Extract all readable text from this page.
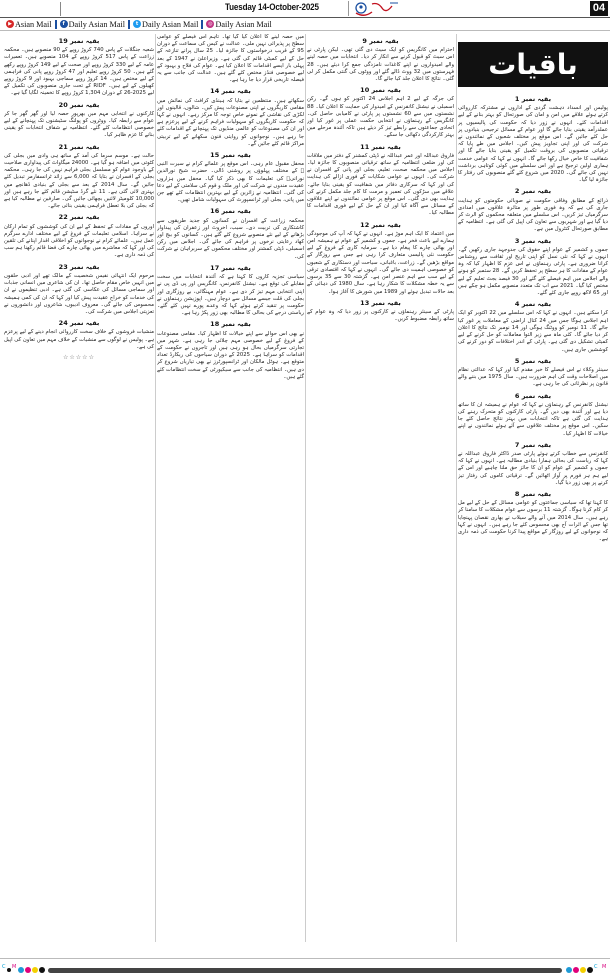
Tuesday 14-October-2025	04
▶ Asian Mail	f Daily Asian Mail	t Daily Asian Mail	◎ Daily Asian Mail
باقیات
بقیہ نمبر 1
پولیس اور انسداد دہشت گردی کے اداروں نے مشترکہ کارروائی کرتے ہوئے علاقے میں امن و امان کی صورتحال کو بہتر بنانے کے لیے اقدامات کئے۔ انہوں نے زور دیا کہ حکومت کی پالیسیوں پر عملدرآمد یقینی بنایا جائے گا اور عوام کے مسائل ترجیحی بنیادوں پر حل کئے جائیں گے۔ اس موقع پر مختلف شعبوں کے نمائندوں نے شرکت کی اور اپنی تجاویز پیش کیں۔ اجلاس میں طے پایا کہ ترقیاتی منصوبوں کی بروقت تکمیل کو یقینی بنایا جائے گا اور شفافیت کا خاص خیال رکھا جائے گا۔ انہوں نے کہا کہ عوامی خدمت ہماری اولین ترجیح ہے اور اس سلسلے میں کوئی کوتاہی برداشت نہیں کی جائے گی۔ 2020 میں شروع کئے گئے منصوبوں کی رفتار کا جائزہ لیا گیا۔
بقیہ نمبر 2
ذرائع کے مطابق وفاقی حکومت نے صوبائی حکومتوں کو ہدایت جاری کی ہے کہ وہ فوری طور پر متاثرہ علاقوں میں امدادی سرگرمیاں تیز کریں۔ اس سلسلے میں متعلقہ محکموں کو الرٹ کر دیا گیا ہے اور شہریوں سے تعاون کی اپیل کی گئی ہے۔ انتظامیہ کے مطابق صورتحال کنٹرول میں ہے۔
بقیہ نمبر 3
جموں و کشمیر کے عوام اپنے حقوق کی جدوجہد جاری رکھیں گے۔ انہوں نے کہا کہ نئی نسل کو اپنی تاریخ اور ثقافت سے روشناس کرانا ضروری ہے۔ پارٹی رہنماؤں نے اس عزم کا اظہار کیا کہ وہ عوام کے مفادات کا ہر سطح پر تحفظ کریں گے۔ 28 ستمبر کو ہونے والے اجلاس میں اہم فیصلے کئے گئے اور 30 فیصد بجٹ تعلیم کے لیے مختص کیا گیا۔ 2021 سے اب تک متعدد منصوبے مکمل ہو چکے ہیں اور 65 لاکھ روپے جاری کئے گئے۔
بقیہ نمبر 4
کرا سکتے ہیں۔ انہوں نے کہا کہ اس سلسلے میں 22 اکتوبر کو ایک اہم اجلاس ہوگا جس میں 24 کنال اراضی کے معاملات پر غور کیا جائے گا۔ 11 نومبر کو ووٹنگ ہوگی اور 14 نومبر تک نتائج کا اعلان کر دیا جائے گا۔ کئی ماہ سے زیر التوا معاملات کو حل کرنے کے لیے کمیٹی تشکیل دی گئی ہے۔ پارٹی کے اندر اختلافات کو دور کرنے کی کوششیں جاری ہیں۔
بقیہ نمبر 5
سینئر وکلاء نے اس فیصلے کا خیر مقدم کیا اور کہا کہ عدالتی نظام میں اصلاحات وقت کی اہم ضرورت ہیں۔ سال 1975 میں بننے والے قانون پر نظرثانی کی جا رہی ہے۔
بقیہ نمبر 6
نیشنل کانفرنس کے رہنماؤں نے کہا کہ عوام نے ہمیشہ ان کا ساتھ دیا ہے اور آئندہ بھی دیں گے۔ پارٹی کارکنوں کو متحرک رہنے کی ہدایت کی گئی ہے تاکہ انتخابات میں بہتر نتائج حاصل کئے جا سکیں۔ اس موقع پر مختلف علاقوں سے آئے ہوئے نمائندوں نے اپنے خیالات کا اظہار کیا۔
بقیہ نمبر 7
کانفرنس سے خطاب کرتے ہوئے پارٹی صدر ڈاکٹر فاروق عبداللہ نے کہا کہ ریاست کی بحالی ہمارا بنیادی مطالبہ ہے۔ انہوں نے کہا کہ جموں و کشمیر کے عوام کو ان کا جائز حق ملنا چاہیے اور اس کے لیے ہم ہر فورم پر آواز اٹھائیں گے۔ ترقیاتی کاموں کی رفتار تیز کرنے پر بھی زور دیا گیا۔
بقیہ نمبر 8
کا کہنا تھا کہ سیاسی جماعتوں کو عوامی مسائل کے حل کے لیے مل کر کام کرنا ہوگا۔ گزشتہ 11 برسوں سے عوام مشکلات کا سامنا کر رہے ہیں۔ سال 2014 میں آنے والے سیلاب نے بھاری نقصان پہنچایا تھا جس کے اثرات آج بھی محسوس کئے جا رہے ہیں۔ انہوں نے کہا کہ نوجوانوں کے لیے روزگار کے مواقع پیدا کرنا حکومت کی ذمہ داری ہے۔
بقیہ نمبر 9
احترام میں کانگریس کو ایک سیٹ دی گئی تھی۔ لیکن پارٹی نے اس سیٹ کو قبول کرنے سے انکار کر دیا۔ انتخابات میں حصہ لینے والے امیدواروں نے اپنے کاغذات نامزدگی جمع کرا دیئے ہیں۔ 28 فہرستوں میں 32 ووٹ ڈالے گئے اور ووٹوں کی گنتی مکمل کر لی گئی۔ نتائج کا اعلان جلد کیا جائے گا۔
بقیہ نمبر 10
کی جرگہ کے لیے 2 اہم اجلاس 24 اکتوبر کو ہوں گے۔ رکن اسمبلی نے نیشنل کانفرنس کے امیدوار کی حمایت کا اعلان کیا۔ 88 نشستوں میں سے 60 نشستوں پر پارٹی نے کامیابی حاصل کی۔ کانگریس کے رہنماؤں نے انتخابی حکمت عملی پر غور کیا اور اتحادی جماعتوں سے رابطے تیز کر دیئے ہیں تاکہ آئندہ مرحلے میں بہتر کارکردگی دکھائی جا سکے۔
بقیہ نمبر 11
فاروق عبداللہ اور عمر عبداللہ نے ڈپٹی کمشنر کے دفتر میں ملاقات کی اور ضلعی انتظامیہ کے ساتھ ترقیاتی منصوبوں کا جائزہ لیا۔ اجلاس میں محکمہ صحت، تعلیم، بجلی اور پانی کے افسران نے شرکت کی۔ انہوں نے عوامی شکایات کے فوری ازالے کی ہدایت کی اور کہا کہ سرکاری دفاتر میں شفافیت کو یقینی بنایا جائے۔ علاقے میں سڑکوں کی تعمیر و مرمت کا کام جلد مکمل کرنے کی ہدایت بھی دی گئی۔ اس موقع پر عوامی نمائندوں نے اپنے علاقوں کے مسائل سے آگاہ کیا اور ان کے حل کے لیے فوری اقدامات کا مطالبہ کیا۔
بقیہ نمبر 12
میں اعتماد کا ایک اہم موڑ ہے۔ انہوں نے کہا کہ آپ کی موجودگی ہمارے لیے باعث فخر ہے۔ جموں و کشمیر کے عوام نے ہمیشہ امن اور بھائی چارے کا پیغام دیا ہے۔ سرمایہ کاری کے فروغ کے لیے حکومت نئی پالیسی متعارف کرا رہی ہے جس سے روزگار کے مواقع بڑھیں گے۔ زراعت، باغبانی، سیاحت اور دستکاری کے شعبوں کو خصوصی اہمیت دی جائے گی۔ انہوں نے کہا کہ اقتصادی ترقی کے لیے سب سے اہم عنصر امن ہے۔ گزشتہ 30 سے 35 برسوں سے یہ خطہ مشکلات کا شکار رہا ہے۔ سال 1980 کی دہائی کے بعد حالات تبدیل ہوئے اور 1989 میں شورش کا آغاز ہوا۔
بقیہ نمبر 13
پارٹی کے سینئر رہنماؤں نے کارکنوں پر زور دیا کہ وہ عوام کے ساتھ رابطہ مضبوط کریں۔
میں حصہ لینے کا اعلان کیا گیا تھا۔ تاہم اس فیصلے کو عوامی سطح پر پذیرائی نہیں ملی۔ عدالت نے کیس کی سماعت کے دوران 95 کے قریب درخواستوں کا جائزہ لیا۔ 25 سال پرانے تنازعہ کے حل کے لیے کمیٹی قائم کی گئی ہے۔ وزیراعلیٰ نے 1947 کے بعد پہلی بار ایسے اقدامات کا اعلان کیا ہے۔ عوام کی فلاح و بہبود کے لیے خصوصی فنڈز مختص کئے گئے ہیں۔ عدالت کی جانب سے یہ فیصلہ تاریخی قرار دیا جا رہا ہے۔
بقیہ نمبر 14
سکھاتے ہیں۔ منتظمین نے بتایا کہ ہینڈی کرافٹ کی نمائش میں مقامی کاریگروں نے اپنی مصنوعات پیش کیں۔ شالوں، قالینوں اور لکڑی کی نقاشی کے نمونے خاص توجہ کا مرکز رہے۔ انہوں نے کہا کہ حکومت کاریگروں کو سہولیات فراہم کرنے کے لیے پرعزم ہے اور ان کی مصنوعات کو عالمی منڈیوں تک پہنچانے کے اقدامات کئے جا رہے ہیں۔ نوجوانوں کو روایتی فنون سکھانے کے لیے تربیتی مراکز قائم کئے جائیں گے۔
بقیہ نمبر 15
محفل مقبول عام رہی۔ اس موقع پر علمائے کرام نے سیرت النبی ﷺ کے مختلف پہلوؤں پر روشنی ڈالی۔ حضرت شیخ نورالدین نورانیؒ کی تعلیمات کا بھی ذکر کیا گیا۔ محفل میں ہزاروں عقیدت مندوں نے شرکت کی اور ملک و قوم کی سلامتی کے لیے دعا کی گئی۔ انتظامیہ نے زائرین کے لیے بہترین انتظامات کئے تھے جن میں پانی، بجلی اور ٹرانسپورٹ کی سہولیات شامل تھیں۔
بقیہ نمبر 16
محکمہ زراعت کے افسران نے کسانوں کو جدید طریقوں سے کاشتکاری کی تربیت دی۔ سیب، اخروٹ اور زعفران کی پیداوار بڑھانے کے لیے نئے منصوبے شروع کئے گئے ہیں۔ کسانوں کو بیج اور کھاد رعایتی نرخوں پر فراہم کی جائے گی۔ اجلاس میں رکن اسمبلی، ڈپٹی کمشنر اور مختلف محکموں کے سربراہان نے شرکت کی۔
بقیہ نمبر 17
سیاسی تجزیہ کاروں کا کہنا ہے کہ آئندہ انتخابات میں سخت مقابلے کی توقع ہے۔ نیشنل کانفرنس، کانگریس اور پی ڈی پی نے اپنی انتخابی مہم تیز کر دی ہے۔ عوام مہنگائی، بے روزگاری اور بجلی کی قلت جیسے مسائل سے دوچار ہیں۔ اپوزیشن رہنماؤں نے حکومت پر تنقید کرتے ہوئے کہا کہ وعدے پورے نہیں کئے گئے۔ ریاستی درجے کی بحالی کا مطالبہ بھی زور پکڑ رہا ہے۔
بقیہ نمبر 18
نے بھی اس حوالے سے اپنے خیالات کا اظہار کیا۔ مقامی مصنوعات کے فروغ کے لیے خصوصی مہم چلائی جا رہی ہے۔ شہر میں تجارتی سرگرمیاں بحال ہو رہی ہیں اور تاجروں نے حکومت کے اقدامات کو سراہا ہے۔ 2025 کے دوران سیاحوں کی ریکارڈ تعداد متوقع ہے۔ ہوٹل مالکان اور ٹرانسپورٹرز نے بھی تیاریاں شروع کر دی ہیں۔ انتظامیہ کی جانب سے سیکیورٹی کے سخت انتظامات کئے گئے ہیں۔
بقیہ نمبر 19
شعبہ جنگلات کے پاس 740 کروڑ روپے کے 90 منصوبے ہیں۔ محکمہ زراعت کے پاس 517 کروڑ روپے کے 104 منصوبے ہیں۔ تعمیرات عامہ کے لیے 330 کروڑ روپے اور صحت کے لیے 149 کروڑ روپے رکھے گئے ہیں۔ 50 کروڑ روپے تعلیم اور 47 کروڑ روپے پانی کی فراہمی کے لیے مختص ہیں۔ 14 کروڑ روپے سماجی بہبود اور 9 کروڑ روپے کھیلوں کے لیے ہیں۔ RIDF کے تحت جاری منصوبوں کی تکمیل کے لیے 2025-26 کے دوران 1,304 کروڑ روپے کا تخمینہ لگایا گیا ہے۔
بقیہ نمبر 20
کارکنوں نے انتخابی مہم میں بھرپور حصہ لیا اور گھر گھر جا کر عوام سے رابطہ کیا۔ ووٹروں کو پولنگ سٹیشنوں تک پہنچانے کے لیے خصوصی انتظامات کئے گئے۔ انتظامیہ نے شفاف انتخابات کو یقینی بنانے کا عزم ظاہر کیا۔
بقیہ نمبر 21
حالت ہے۔ موسم سرما کی آمد کے ساتھ ہی وادی میں بجلی کی کٹوتی میں اضافہ ہو گیا ہے۔ 24000 میگاواٹ کی پیداواری صلاحیت کے باوجود عوام کو مسلسل بجلی فراہم نہیں کی جا رہی۔ محکمہ بجلی کے افسران نے بتایا کہ 6,000 سے زائد ٹرانسفارمر تبدیل کئے جائیں گے۔ سال 2014 کے بعد سے بجلی کے بنیادی ڈھانچے میں بہتری لائی گئی ہے۔ 11 نئے گرڈ سٹیشن قائم کئے جا رہے ہیں اور 10,000 کلومیٹر لائنیں بچھائی جائیں گی۔ صارفین نے مطالبہ کیا ہے کہ بجلی کی بلا تعطل فراہمی یقینی بنائی جائے۔
بقیہ نمبر 22
اوروں کے مفادات کے تحفظ کے لیے ان کی کوششوں کو تمام ارکان نے سراہا۔ اسلامی تعلیمات کے فروغ کے لیے مختلف ادارے سرگرم عمل ہیں۔ علمائے کرام نے نوجوانوں کو اخلاقی اقدار اپنانے کی تلقین کی اور کہا کہ معاشرے میں بھائی چارے کی فضا قائم رکھنا ہم سب کی ذمہ داری ہے۔
بقیہ نمبر 23
مرحوم ایک انتہائی نفیس شخصیت کے مالک تھے اور ادبی حلقوں میں انہیں خاص مقام حاصل تھا۔ ان کی شاعری میں انسانی جذبات اور سماجی مسائل کی عکاسی کی گئی ہے۔ ادبی تنظیموں نے ان کی خدمات کو خراج عقیدت پیش کیا اور کہا کہ ان کی کمی ہمیشہ محسوس کی جائے گی۔ معروف ادیبوں، شاعروں اور دانشوروں نے تعزیتی اجلاس میں شرکت کی۔
بقیہ نمبر 24
منشیات فروشوں کے خلاف سخت کارروائی انجام دینے کے لیے پرعزم ہے۔ پولیس نے لوگوں سے منشیات کے خلاف مہم میں تعاون کی اپیل کی ہے۔
☆☆☆☆☆
C M	C M
